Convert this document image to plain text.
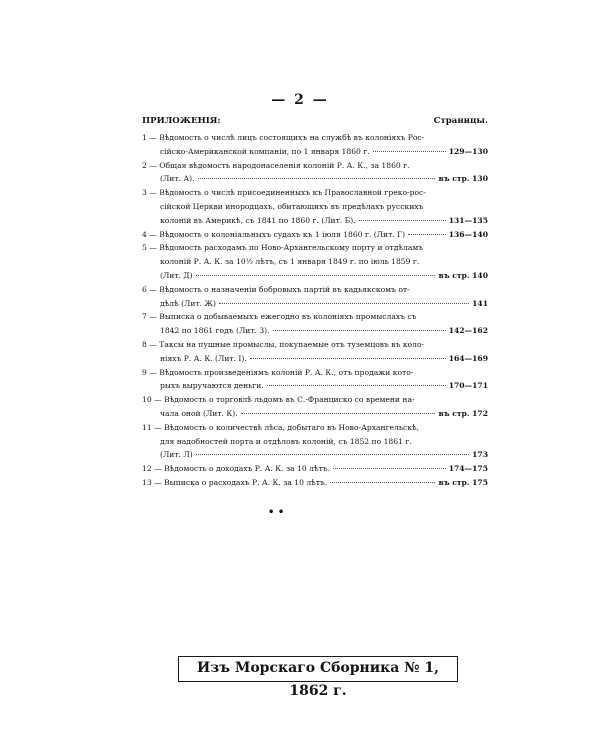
— 2 —
ПРИЛОЖЕНІЯ:	Страницы.
1 — Вѣдомость о числѣ лицъ состоящихъ на службѣ въ колоніяхъ Рос-
сійско-Американской компаніи, по 1 января 1860 г.	129—130
2 — Общая вѣдомость народонаселенія колоній Р. А. К., за 1860 г.
(Лит. А).	въ стр. 130
3 — Вѣдомость о числѣ присоединенныхъ къ Православной греко-рос-
сійской Церкви инородцахъ, обитающихъ въ предѣлахъ русскихъ
колоній въ Америкѣ, съ 1841 по 1860 г. (Лит. Б).	131—135
4 — Вѣдомость о колоніальныхъ судахъ къ 1 іюля 1860 г. (Лит. Г)	136—140
5 — Вѣдомость расходамъ по Ново-Архангельскому порту и отдѣламъ
колоній Р. А. К. за 10½ лѣтъ, съ 1 января 1849 г. по іюль 1859 г.
(Лит. Д)	въ стр. 140
6 — Вѣдомость о назначеніи бобровыхъ партій въ кадьякскомъ от-
дѣлѣ (Лит. Ж)	141
7 — Выписка о добываемыхъ ежегодно въ колоніяхъ промыслахъ съ
1842 по 1861 годъ (Лит. З).	142—162
8 — Таксы на пушные промыслы, покупаемые отъ туземцовъ въ коло-
ніяхъ Р. А. К. (Лит. І).	164—169
9 — Вѣдомость произведеніямъ колоній Р. А. К., отъ продажи кото-
рыхъ выручаются деньги.	170—171
10 — Вѣдомость о торговлѣ льдомъ въ С.-Франциско со времени на-
чала оной (Лит. К).	въ стр. 172
11 — Вѣдомость о количествѣ лѣса, добытаго въ Ново-Архангельскѣ,
для надобностей порта и отдѣловъ колоній, съ 1852 по 1861 г.
(Лит. Л)	173
12 — Вѣдомость о доходахъ Р. А. К. за 10 лѣтъ.	174—175
13 — Выписка о расходахъ Р. А. К. за 10 лѣтъ.	въ стр. 175
• •
Изъ Морскаго Сборника № 1, 1862 г.
